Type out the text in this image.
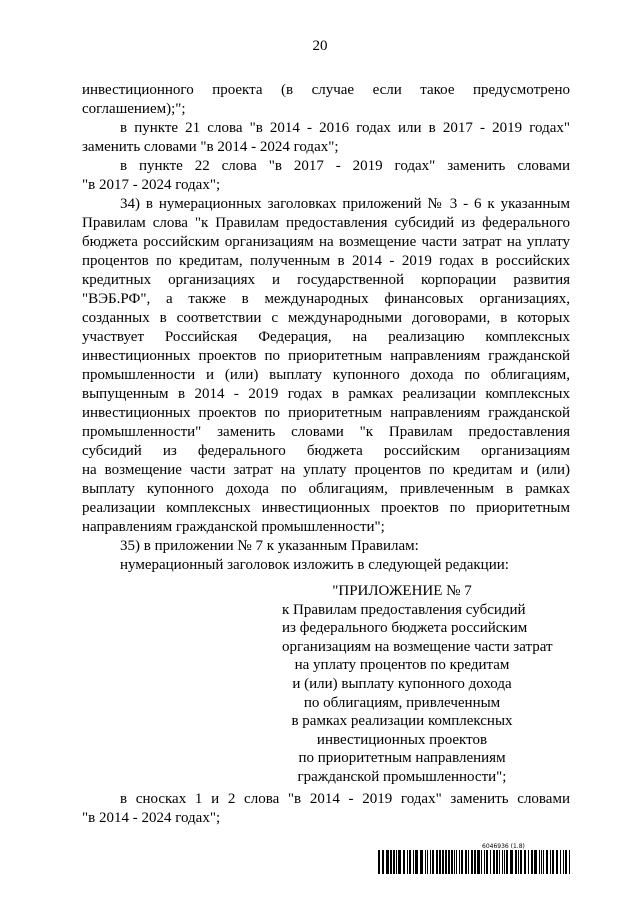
20
инвестиционного проекта (в случае если такое предусмотрено
соглашением);";
в пункте 21 слова "в 2014 - 2016 годах или в 2017 - 2019 годах"
заменить словами "в 2014 - 2024 годах";
в пункте 22 слова "в 2017 - 2019 годах" заменить словами
"в 2017 - 2024 годах";
34) в нумерационных заголовках приложений № 3 - 6 к указанным
Правилам слова "к Правилам предоставления субсидий из федерального
бюджета российским организациям на возмещение части затрат на уплату
процентов по кредитам, полученным в 2014 - 2019 годах в российских
кредитных организациях и государственной корпорации развития
"ВЭБ.РФ", а также в международных финансовых организациях,
созданных в соответствии с международными договорами, в которых
участвует Российская Федерация, на реализацию комплексных
инвестиционных проектов по приоритетным направлениям гражданской
промышленности и (или) выплату купонного дохода по облигациям,
выпущенным в 2014 - 2019 годах в рамках реализации комплексных
инвестиционных проектов по приоритетным направлениям гражданской
промышленности" заменить словами "к Правилам предоставления
субсидий из федерального бюджета российским организациям
на возмещение части затрат на уплату процентов по кредитам и (или)
выплату купонного дохода по облигациям, привлеченным в рамках
реализации комплексных инвестиционных проектов по приоритетным
направлениям гражданской промышленности";
35) в приложении № 7 к указанным Правилам:
нумерационный заголовок изложить в следующей редакции:
"ПРИЛОЖЕНИЕ № 7
к Правилам предоставления субсидий
из федерального бюджета российским
организациям на возмещение части затрат
на уплату процентов по кредитам
и (или) выплату купонного дохода
по облигациям, привлеченным
в рамках реализации комплексных
инвестиционных проектов
по приоритетным направлениям
гражданской промышленности";
в сносках 1 и 2 слова "в 2014 - 2019 годах" заменить словами
"в 2014 - 2024 годах";
6046936 (1.8)
